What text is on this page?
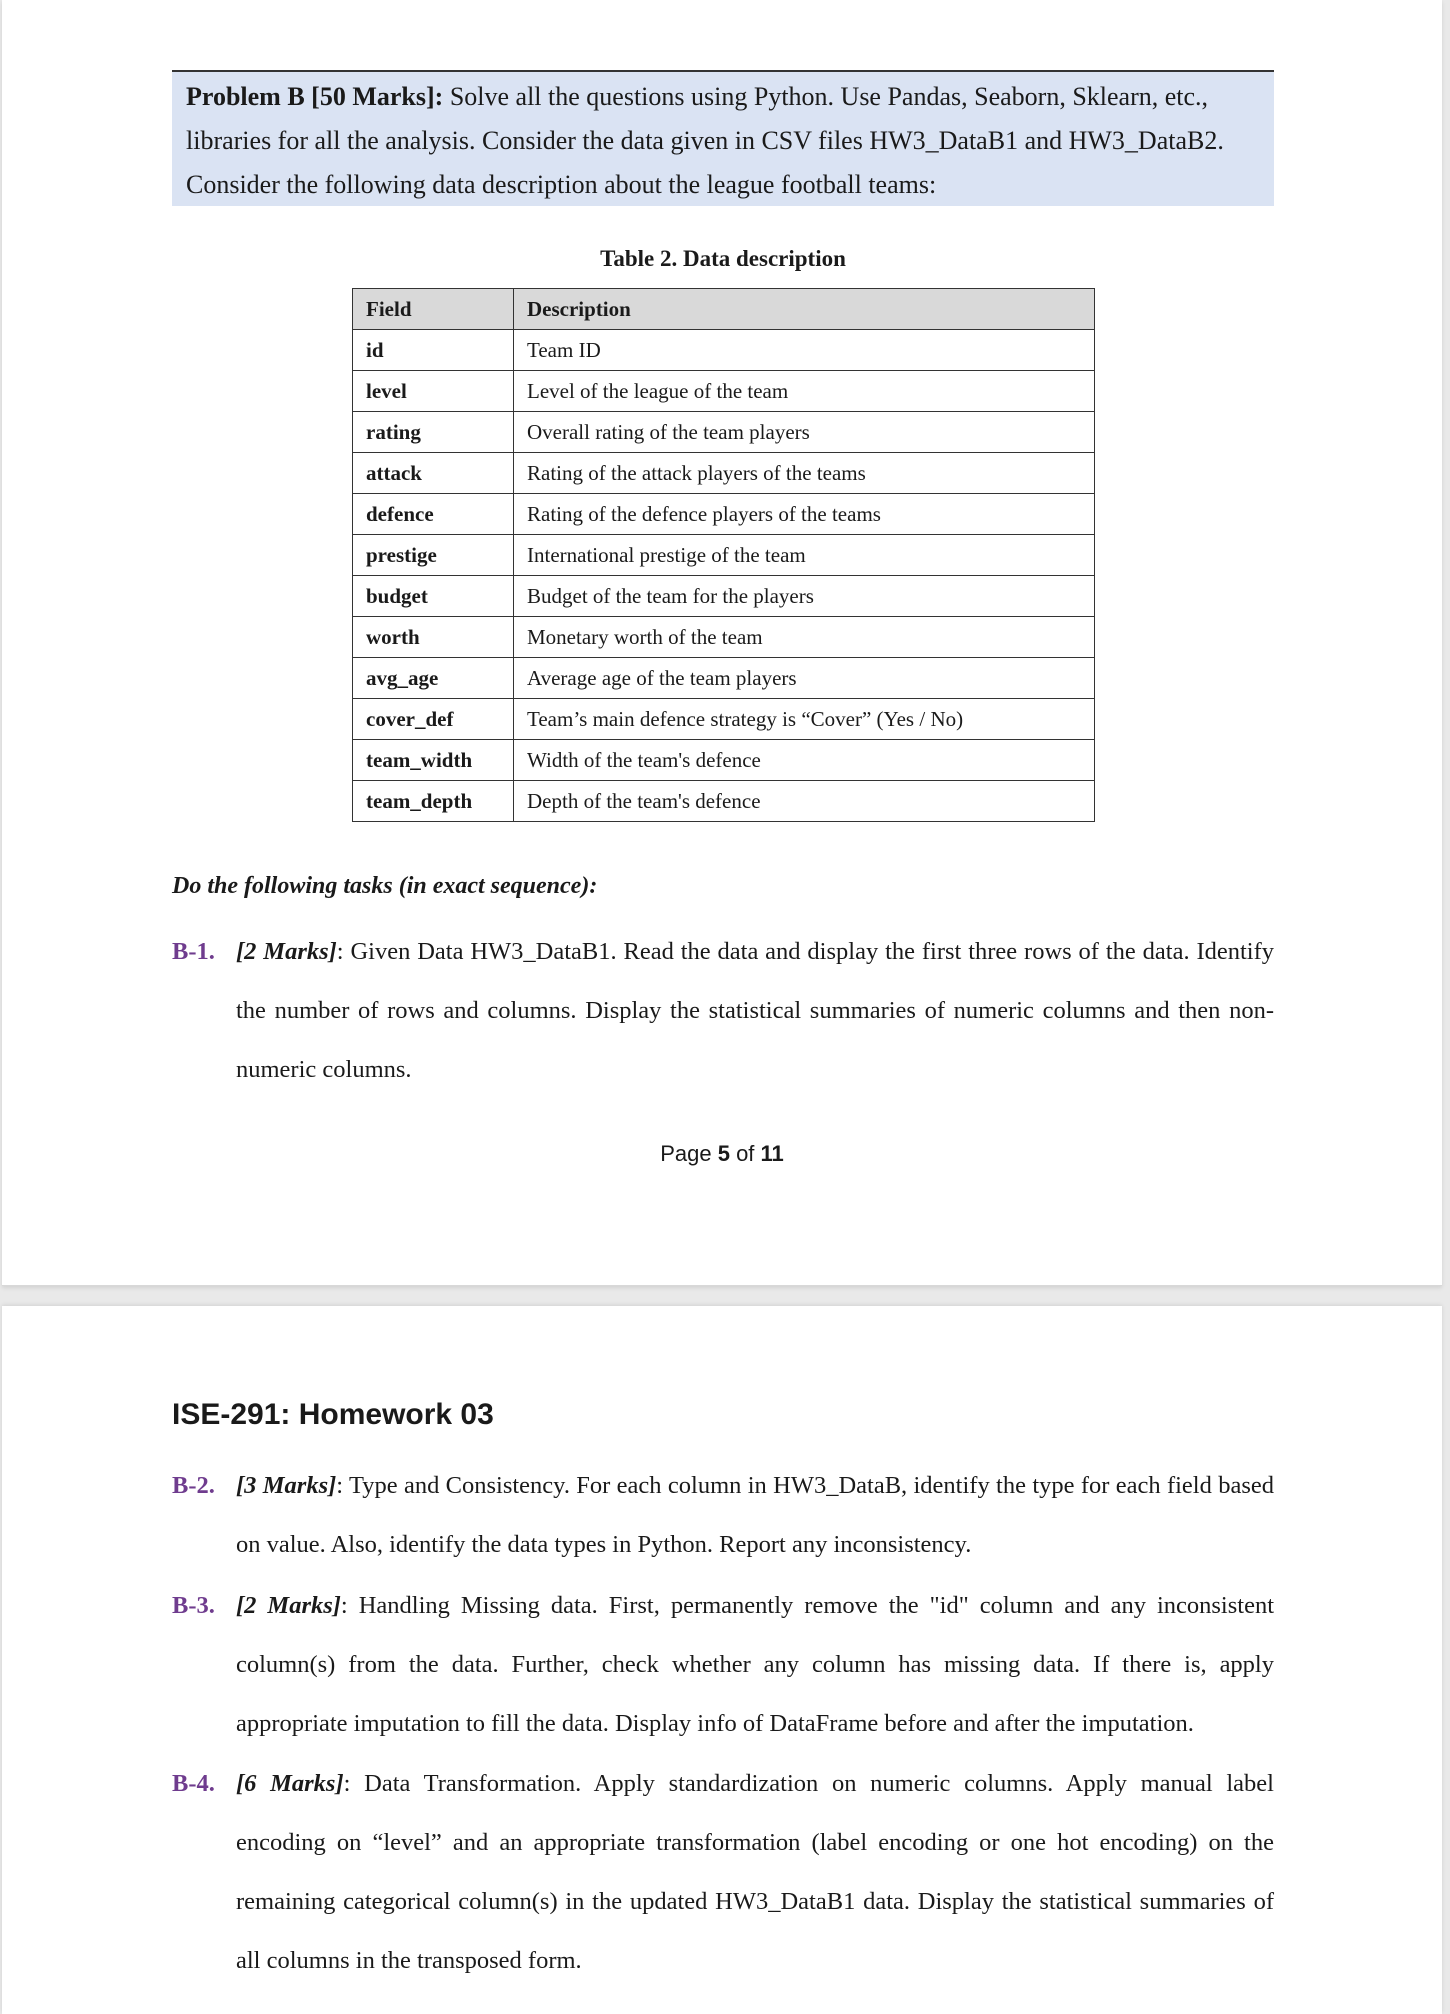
Problem B [50 Marks]: Solve all the questions using Python. Use Pandas, Seaborn, Sklearn, etc., libraries for all the analysis. Consider the data given in CSV files HW3_DataB1 and HW3_DataB2. Consider the following data description about the league football teams:
Table 2. Data description
Field	Description
id	Team ID
level	Level of the league of the team
rating	Overall rating of the team players
attack	Rating of the attack players of the teams
defence	Rating of the defence players of the teams
prestige	International prestige of the team
budget	Budget of the team for the players
worth	Monetary worth of the team
avg_age	Average age of the team players
cover_def	Team’s main defence strategy is “Cover” (Yes / No)
team_width	Width of the team's defence
team_depth	Depth of the team's defence
Do the following tasks (in exact sequence):
B-1. [2 Marks]: Given Data HW3_DataB1. Read the data and display the first three rows of the data. Identify the number of rows and columns. Display the statistical summaries of numeric columns and then non-numeric columns.
Page 5 of 11
ISE-291: Homework 03
B-2. [3 Marks]: Type and Consistency. For each column in HW3_DataB, identify the type for each field based on value. Also, identify the data types in Python. Report any inconsistency.
B-3. [2 Marks]: Handling Missing data. First, permanently remove the "id" column and any inconsistent column(s) from the data. Further, check whether any column has missing data. If there is, apply appropriate imputation to fill the data. Display info of DataFrame before and after the imputation.
B-4. [6 Marks]: Data Transformation. Apply standardization on numeric columns. Apply manual label encoding on “level” and an appropriate transformation (label encoding or one hot encoding) on the remaining categorical column(s) in the updated HW3_DataB1 data. Display the statistical summaries of all columns in the transposed form.
